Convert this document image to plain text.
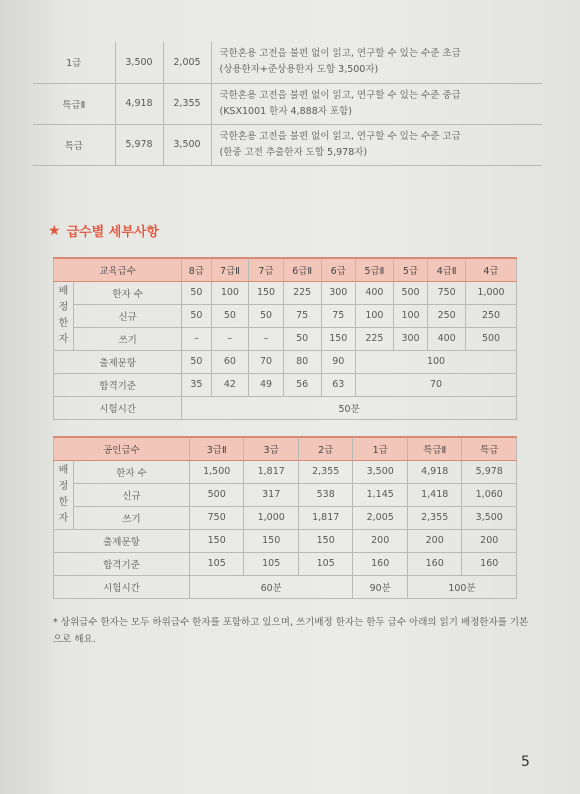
1급	3,500	2,005	국한혼용 고전을 불편 없이 읽고, 연구할 수 있는 수준 초급
(상용한자+준상용한자 도합 3,500자)

특급Ⅱ	4,918	2,355	국한혼용 고전을 불편 없이 읽고, 연구할 수 있는 수준 중급
(KSX1001 한자 4,888자 포함)

특급	5,978	3,500	국한혼용 고전을 불편 없이 읽고, 연구할 수 있는 수준 고급
(한중 고전 추출한자 도합 5,978자)
★ 급수별 세부사항
교육급수		8급	7급Ⅱ	7급	6급Ⅱ	6급	5급Ⅱ	5급	4급Ⅱ	4급

배
정
한
자	한자 수	50	100	150	225	300	400	500	750	1,000
	신규	50	50	50	75	75	100	100	250	250
	쓰기	–	–	–	50	150	225	300	400	500
출제문항		50	60	70	80	90	100			
합격기준		35	42	49	56	63	70			
시험시간		50분								
공인급수		3급Ⅱ	3급	2급	1급	특급Ⅱ	특급

배
정
한
자	한자 수	1,500	1,817	2,355	3,500	4,918	5,978
	신규	500	317	538	1,145	1,418	1,060
	쓰기	750	1,000	1,817	2,005	2,355	3,500
출제문항		150	150	150	200	200	200
합격기준		105	105	105	160	160	160
시험시간		60분			90분	100분	
* 상위급수 한자는 모두 하위급수 한자를 포함하고 있으며, 쓰기배정 한자는 한두 급수 아래의 읽기 배정한자를 기본으로 해요.
5
